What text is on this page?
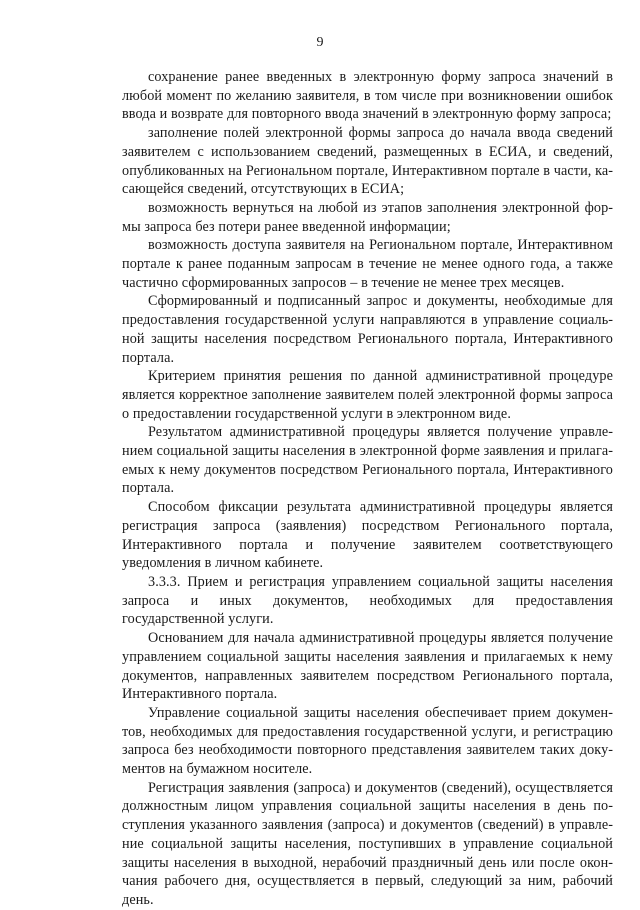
9

сохранение ранее введенных в электронную форму запроса значений в любой момент по желанию заявителя, в том числе при возникновении ошибок ввода и возврате для повторного ввода значений в электронную форму запроса;

заполнение полей электронной формы запроса до начала ввода сведений заявителем с использованием сведений, размещенных в ЕСИА, и сведений, опубликованных на Региональном портале, Интерактивном портале в части, касающейся сведений, отсутствующих в ЕСИА;

возможность вернуться на любой из этапов заполнения электронной формы запроса без потери ранее введенной информации;

возможность доступа заявителя на Региональном портале, Интерактивном портале к ранее поданным запросам в течение не менее одного года, а также частично сформированных запросов – в течение не менее трех месяцев.

Сформированный и подписанный запрос и документы, необходимые для предоставления государственной услуги направляются в управление социальной защиты населения посредством Регионального портала, Интерактивного портала.

Критерием принятия решения по данной административной процедуре является корректное заполнение заявителем полей электронной формы запроса о предоставлении государственной услуги в электронном виде.

Результатом административной процедуры является получение управлением социальной защиты населения в электронной форме заявления и прилагаемых к нему документов посредством Регионального портала, Интерактивного портала.

Способом фиксации результата административной процедуры является регистрация запроса (заявления) посредством Регионального портала, Интерактивного портала и получение заявителем соответствующего уведомления в личном кабинете.

3.3.3. Прием и регистрация управлением социальной защиты населения запроса и иных документов, необходимых для предоставления государственной услуги.

Основанием для начала административной процедуры является получение управлением социальной защиты населения заявления и прилагаемых к нему документов, направленных заявителем посредством Регионального портала, Интерактивного портала.

Управление социальной защиты населения обеспечивает прием документов, необходимых для предоставления государственной услуги, и регистрацию запроса без необходимости повторного представления заявителем таких документов на бумажном носителе.

Регистрация заявления (запроса) и документов (сведений), осуществляется должностным лицом управления социальной защиты населения в день поступления указанного заявления (запроса) и документов (сведений) в управление социальной защиты населения, поступивших в управление социальной защиты населения в выходной, нерабочий праздничный день или после окончания рабочего дня, осуществляется в первый, следующий за ним, рабочий день.
